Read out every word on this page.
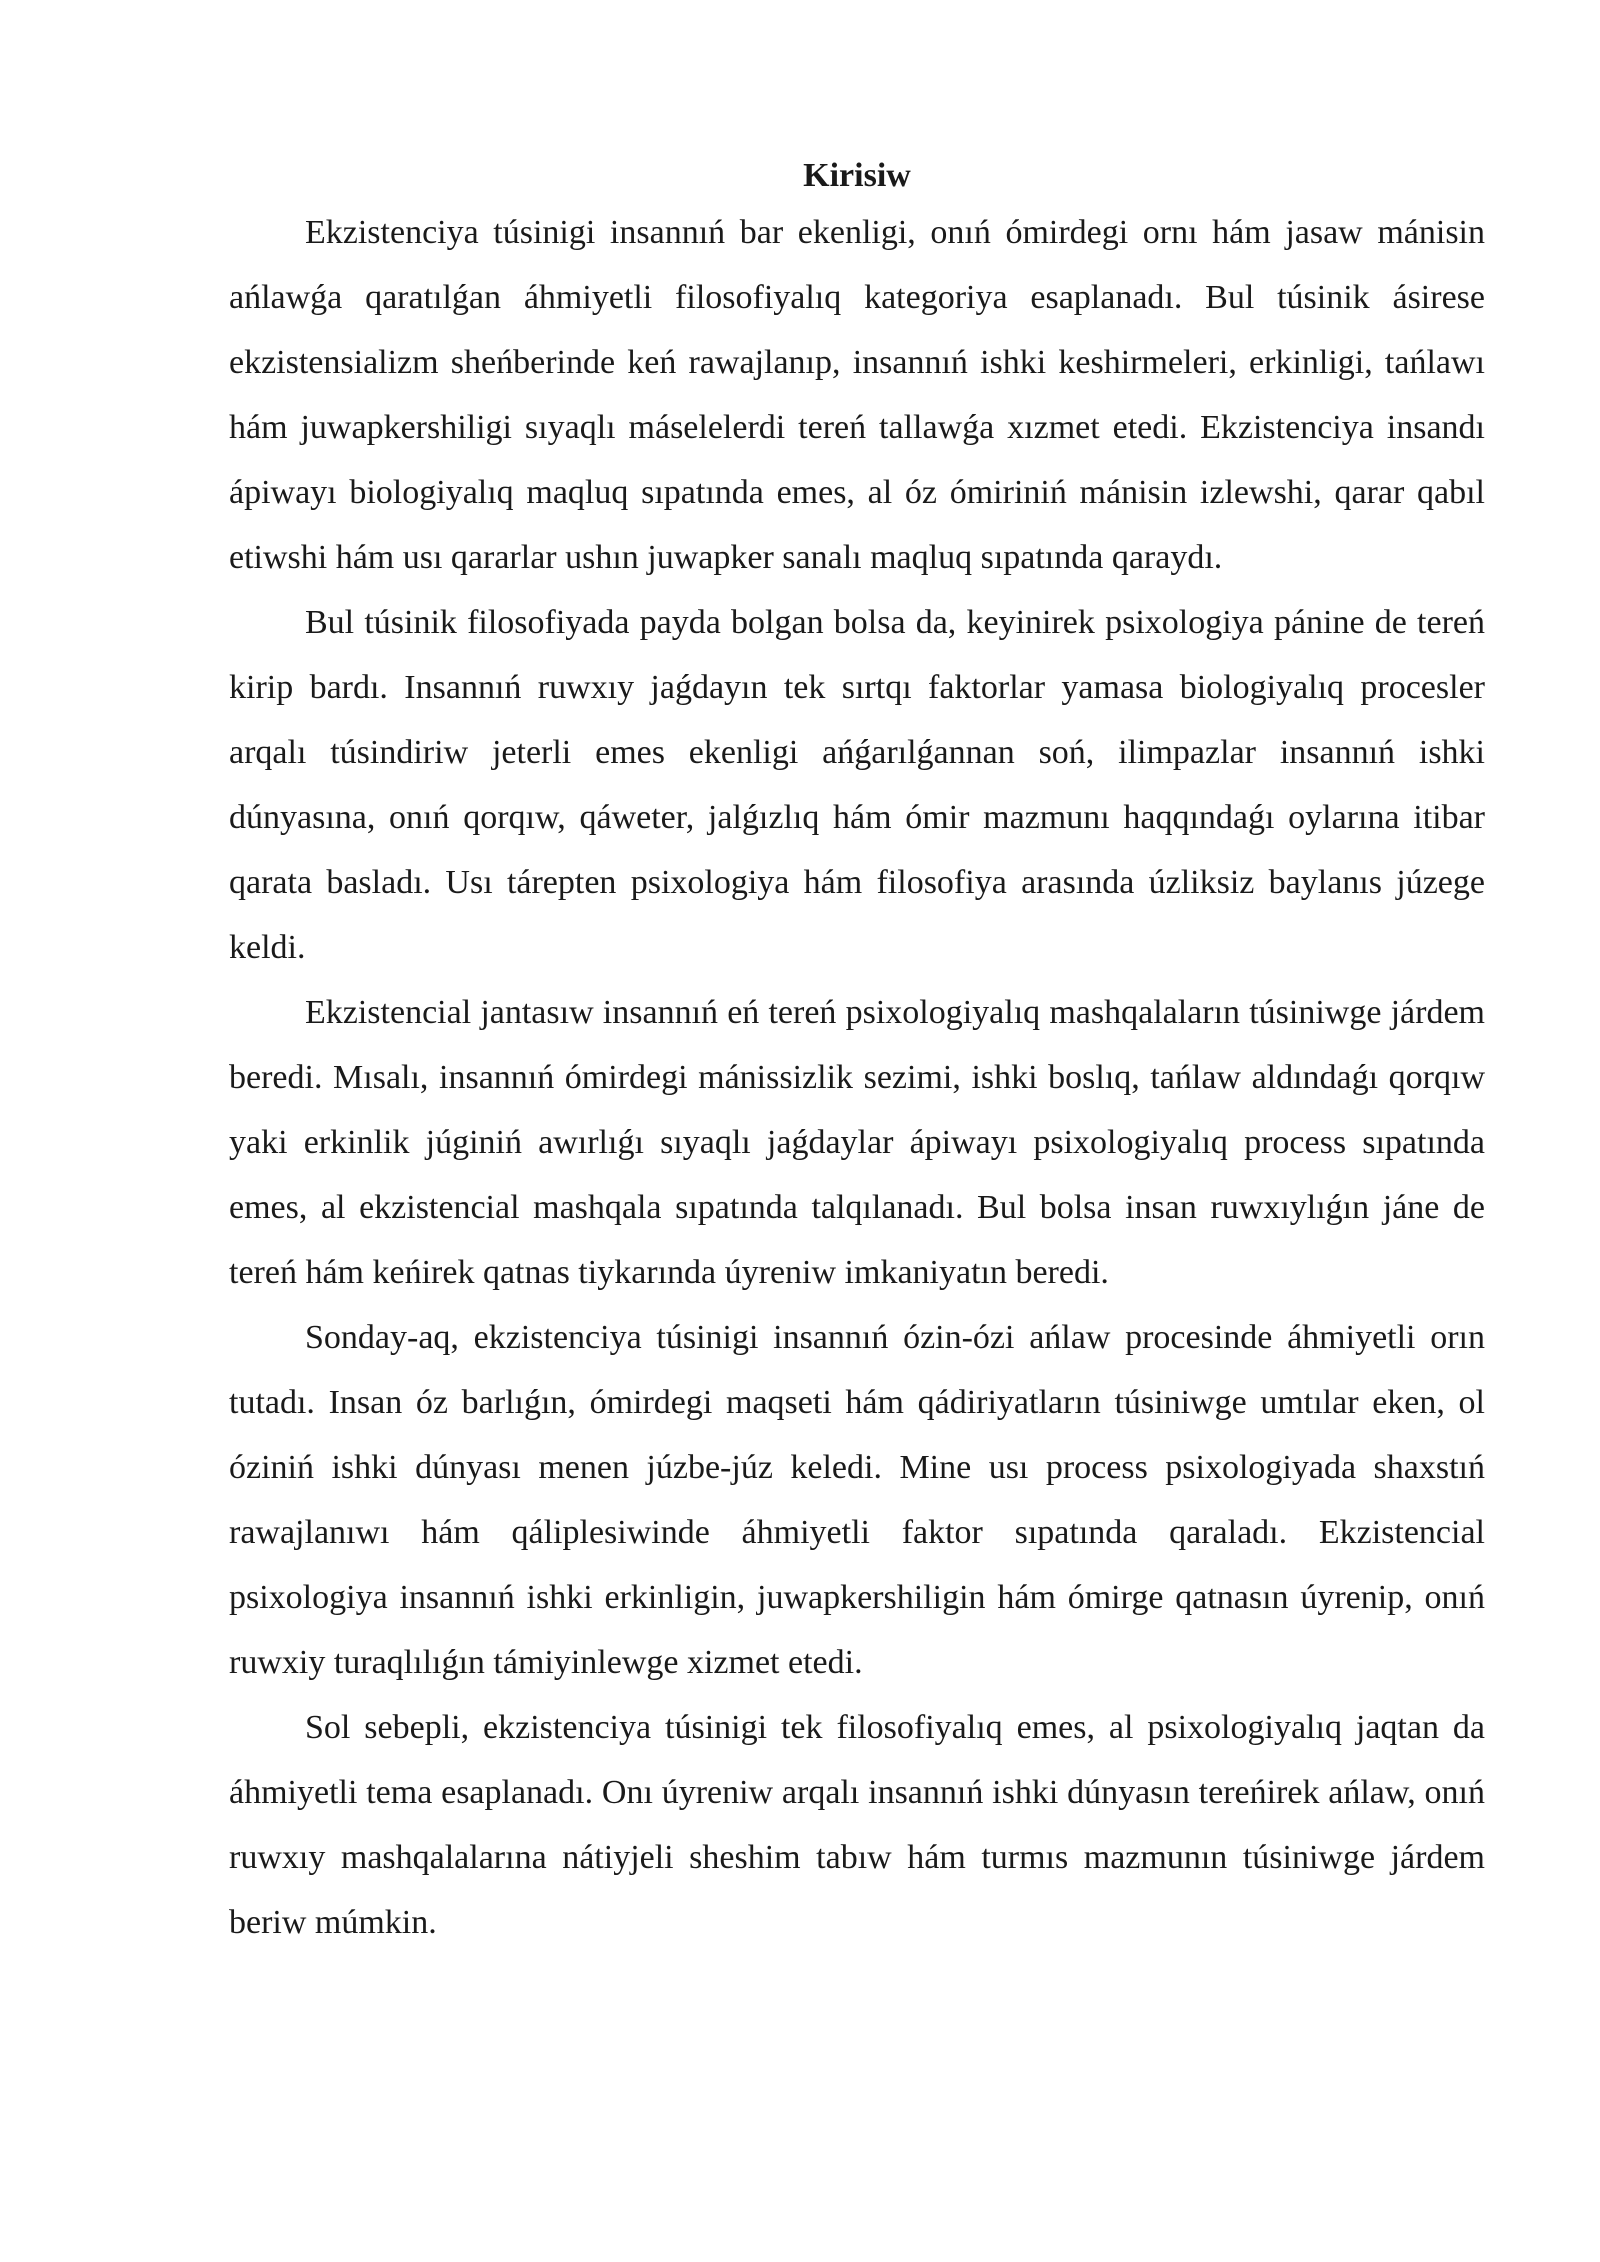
Kirisiw

Ekzistenciya túsinigi insannıń bar ekenligi, onıń ómirdegi ornı hám jasaw mánisin ańlawǵa qaratılǵan áhmiyetli filosofiyalıq kategoriya esaplanadı. Bul túsinik ásirese ekzistensializm sheńberinde keń rawajlanıp, insannıń ishki keshirmeleri, erkinligi, tańlawı hám juwapkershiligi sıyaqlı máselelerdi tereń tallawǵa xızmet etedi. Ekzistenciya insandı ápiwayı biologiyalıq maqluq sıpatında emes, al óz ómiriniń mánisin izlewshi, qarar qabıl etiwshi hám usı qararlar ushın juwapker sanalı maqluq sıpatında qaraydı.

Bul túsinik filosofiyada payda bolgan bolsa da, keyinirek psixologiya pánine de tereń kirip bardı. Insannıń ruwxıy jaǵdayın tek sırtqı faktorlar yamasa biologiyalıq procesler arqalı túsindiriw jeterli emes ekenligi ańǵarılǵannan soń, ilimpazlar insannıń ishki dúnyasına, onıń qorqıw, qáweter, jalǵızlıq hám ómir mazmunı haqqındaǵı oylarına itibar qarata basladı. Usı tárepten psixologiya hám filosofiya arasında úzliksiz baylanıs júzege keldi.

Ekzistencial jantasıw insannıń eń tereń psixologiyalıq mashqalaların túsiniwge járdem beredi. Mısalı, insannıń ómirdegi mánissizlik sezimi, ishki boslıq, tańlaw aldındaǵı qorqıw yaki erkinlik júginiń awırlıǵı sıyaqlı jaǵdaylar ápiwayı psixologiyalıq process sıpatında emes, al ekzistencial mashqala sıpatında talqılanadı. Bul bolsa insan ruwxıylıǵın jáne de tereń hám keńirek qatnas tiykarında úyreniw imkaniyatın beredi.

Sonday-aq, ekzistenciya túsinigi insannıń ózin-ózi ańlaw procesinde áhmiyetli orın tutadı. Insan óz barlıǵın, ómirdegi maqseti hám qádiriyatların túsiniwge umtılar eken, ol óziniń ishki dúnyası menen júzbe-júz keledi. Mine usı process psixologiyada shaxstıń rawajlanıwı hám qáliplesiwinde áhmiyetli faktor sıpatında qaraladı. Ekzistencial psixologiya insannıń ishki erkinligin, juwapkershiligin hám ómirge qatnasın úyrenip, onıń ruwxiy turaqlılıǵın támiyinlewge xizmet etedi.

Sol sebepli, ekzistenciya túsinigi tek filosofiyalıq emes, al psixologiyalıq jaqtan da áhmiyetli tema esaplanadı. Onı úyreniw arqalı insannıń ishki dúnyasın tereńirek ańlaw, onıń ruwxıy mashqalalarına nátiyjeli sheshim tabıw hám turmıs mazmunın túsiniwge járdem beriw múmkin.
